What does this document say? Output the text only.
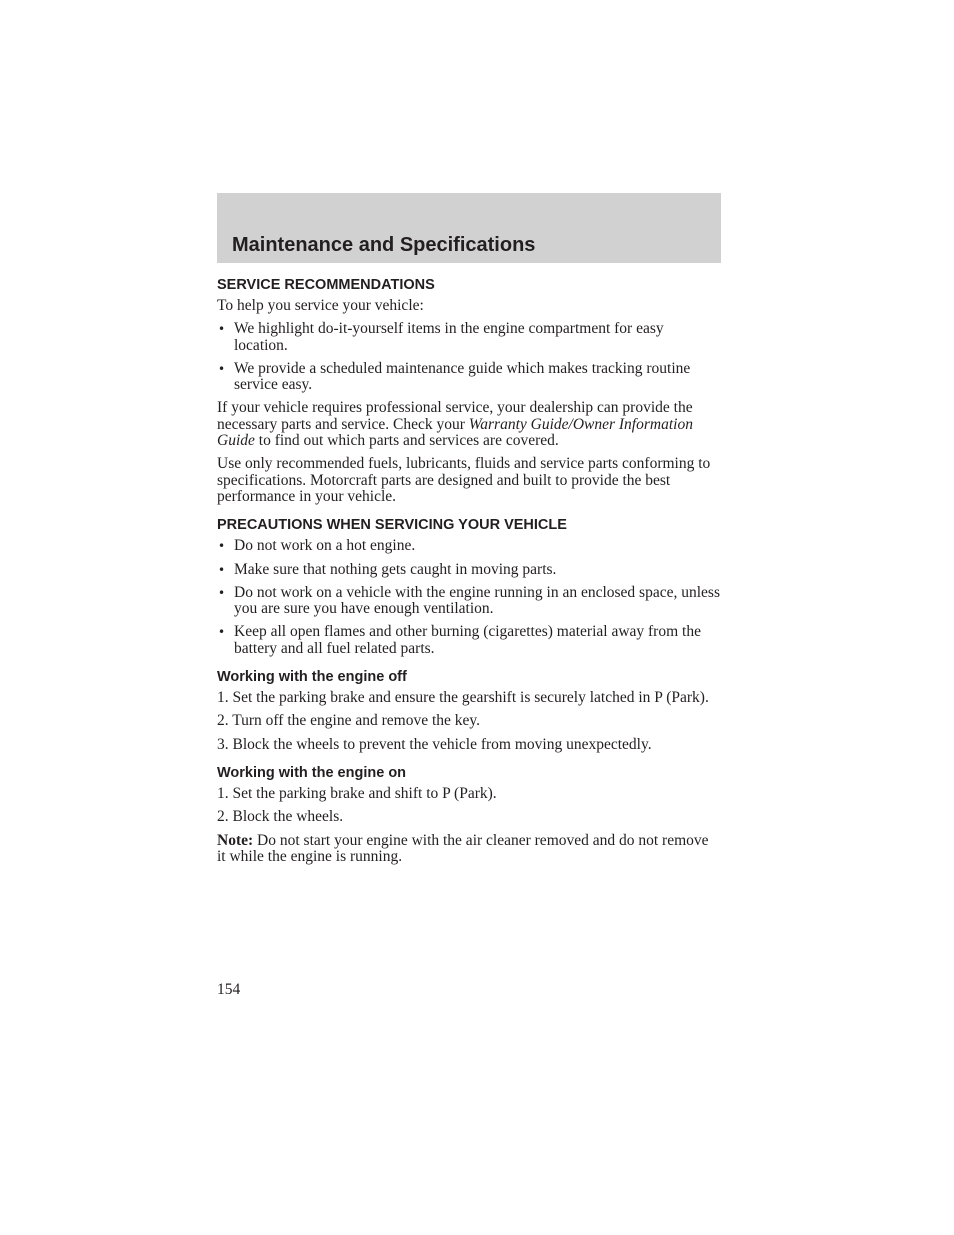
Maintenance and Specifications
SERVICE RECOMMENDATIONS

To help you service your vehicle:

• We highlight do-it-yourself items in the engine compartment for easy location.
• We provide a scheduled maintenance guide which makes tracking routine service easy.

If your vehicle requires professional service, your dealership can provide the necessary parts and service. Check your Warranty Guide/Owner Information Guide to find out which parts and services are covered.

Use only recommended fuels, lubricants, fluids and service parts conforming to specifications. Motorcraft parts are designed and built to provide the best performance in your vehicle.

PRECAUTIONS WHEN SERVICING YOUR VEHICLE
• Do not work on a hot engine.
• Make sure that nothing gets caught in moving parts.
• Do not work on a vehicle with the engine running in an enclosed space, unless you are sure you have enough ventilation.
• Keep all open flames and other burning (cigarettes) material away from the battery and all fuel related parts.
Working with the engine off

1. Set the parking brake and ensure the gearshift is securely latched in P (Park).

2. Turn off the engine and remove the key.

3. Block the wheels to prevent the vehicle from moving unexpectedly.

Working with the engine on

1. Set the parking brake and shift to P (Park).

2. Block the wheels.

Note: Do not start your engine with the air cleaner removed and do not remove it while the engine is running.

154
